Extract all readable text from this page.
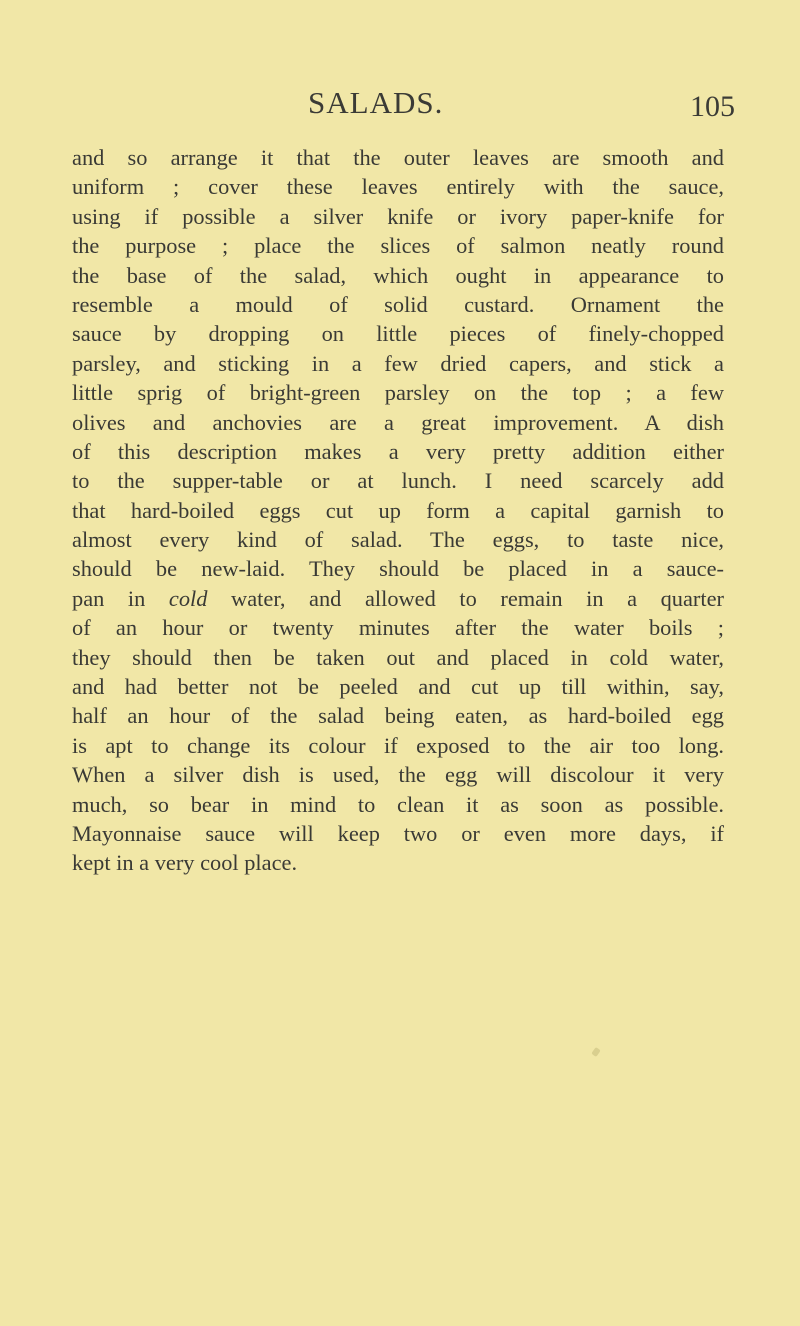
SALADS.	105
and so arrange it that the outer leaves are smooth and
uniform ; cover these leaves entirely with the sauce,
using if possible a silver knife or ivory paper-knife for
the purpose ; place the slices of salmon neatly round
the base of the salad, which ought in appearance to
resemble a mould of solid custard. Ornament the
sauce by dropping on little pieces of finely-chopped
parsley, and sticking in a few dried capers, and stick a
little sprig of bright-green parsley on the top ; a few
olives and anchovies are a great improvement. A dish
of this description makes a very pretty addition either
to the supper-table or at lunch. I need scarcely add
that hard-boiled eggs cut up form a capital garnish to
almost every kind of salad. The eggs, to taste nice,
should be new-laid. They should be placed in a sauce-
pan in cold water, and allowed to remain in a quarter
of an hour or twenty minutes after the water boils ;
they should then be taken out and placed in cold water,
and had better not be peeled and cut up till within, say,
half an hour of the salad being eaten, as hard-boiled egg
is apt to change its colour if exposed to the air too long.
When a silver dish is used, the egg will discolour it very
much, so bear in mind to clean it as soon as possible.
Mayonnaise sauce will keep two or even more days, if
kept in a very cool place.
